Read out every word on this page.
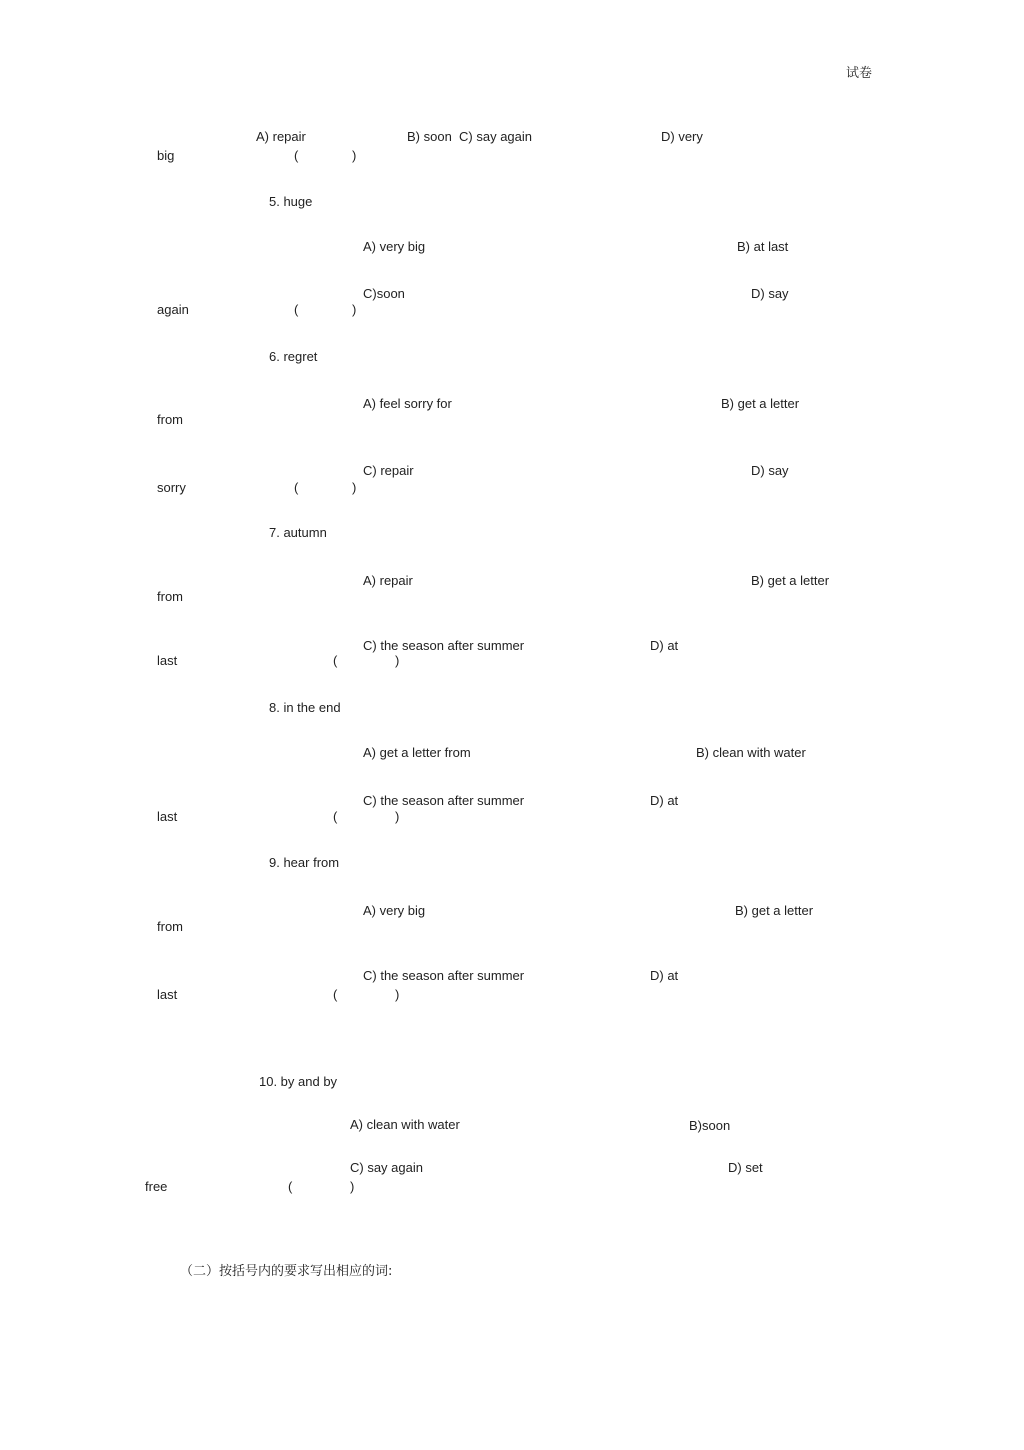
试卷
A) repair	B) soon  C) say again	D) very
big	(	)
5. huge
A) very big	B) at last
C)soon	D) say
again	(	)
6. regret
A) feel sorry for	B) get a letter
from
C) repair	D) say
sorry	(	)
7. autumn
A) repair	B) get a letter
from
C) the season after summer	D) at
last	(	)
8. in the end
A) get a letter from	B) clean with water
C) the season after summer	D) at
last	(	)
9. hear from
A) very big	B) get a letter
from
C) the season after summer	D) at
last	(	)
10. by and by
A) clean with water	B)soon
C) say again	D) set
free	(	)
（二）按括号内的要求写出相应的词:
